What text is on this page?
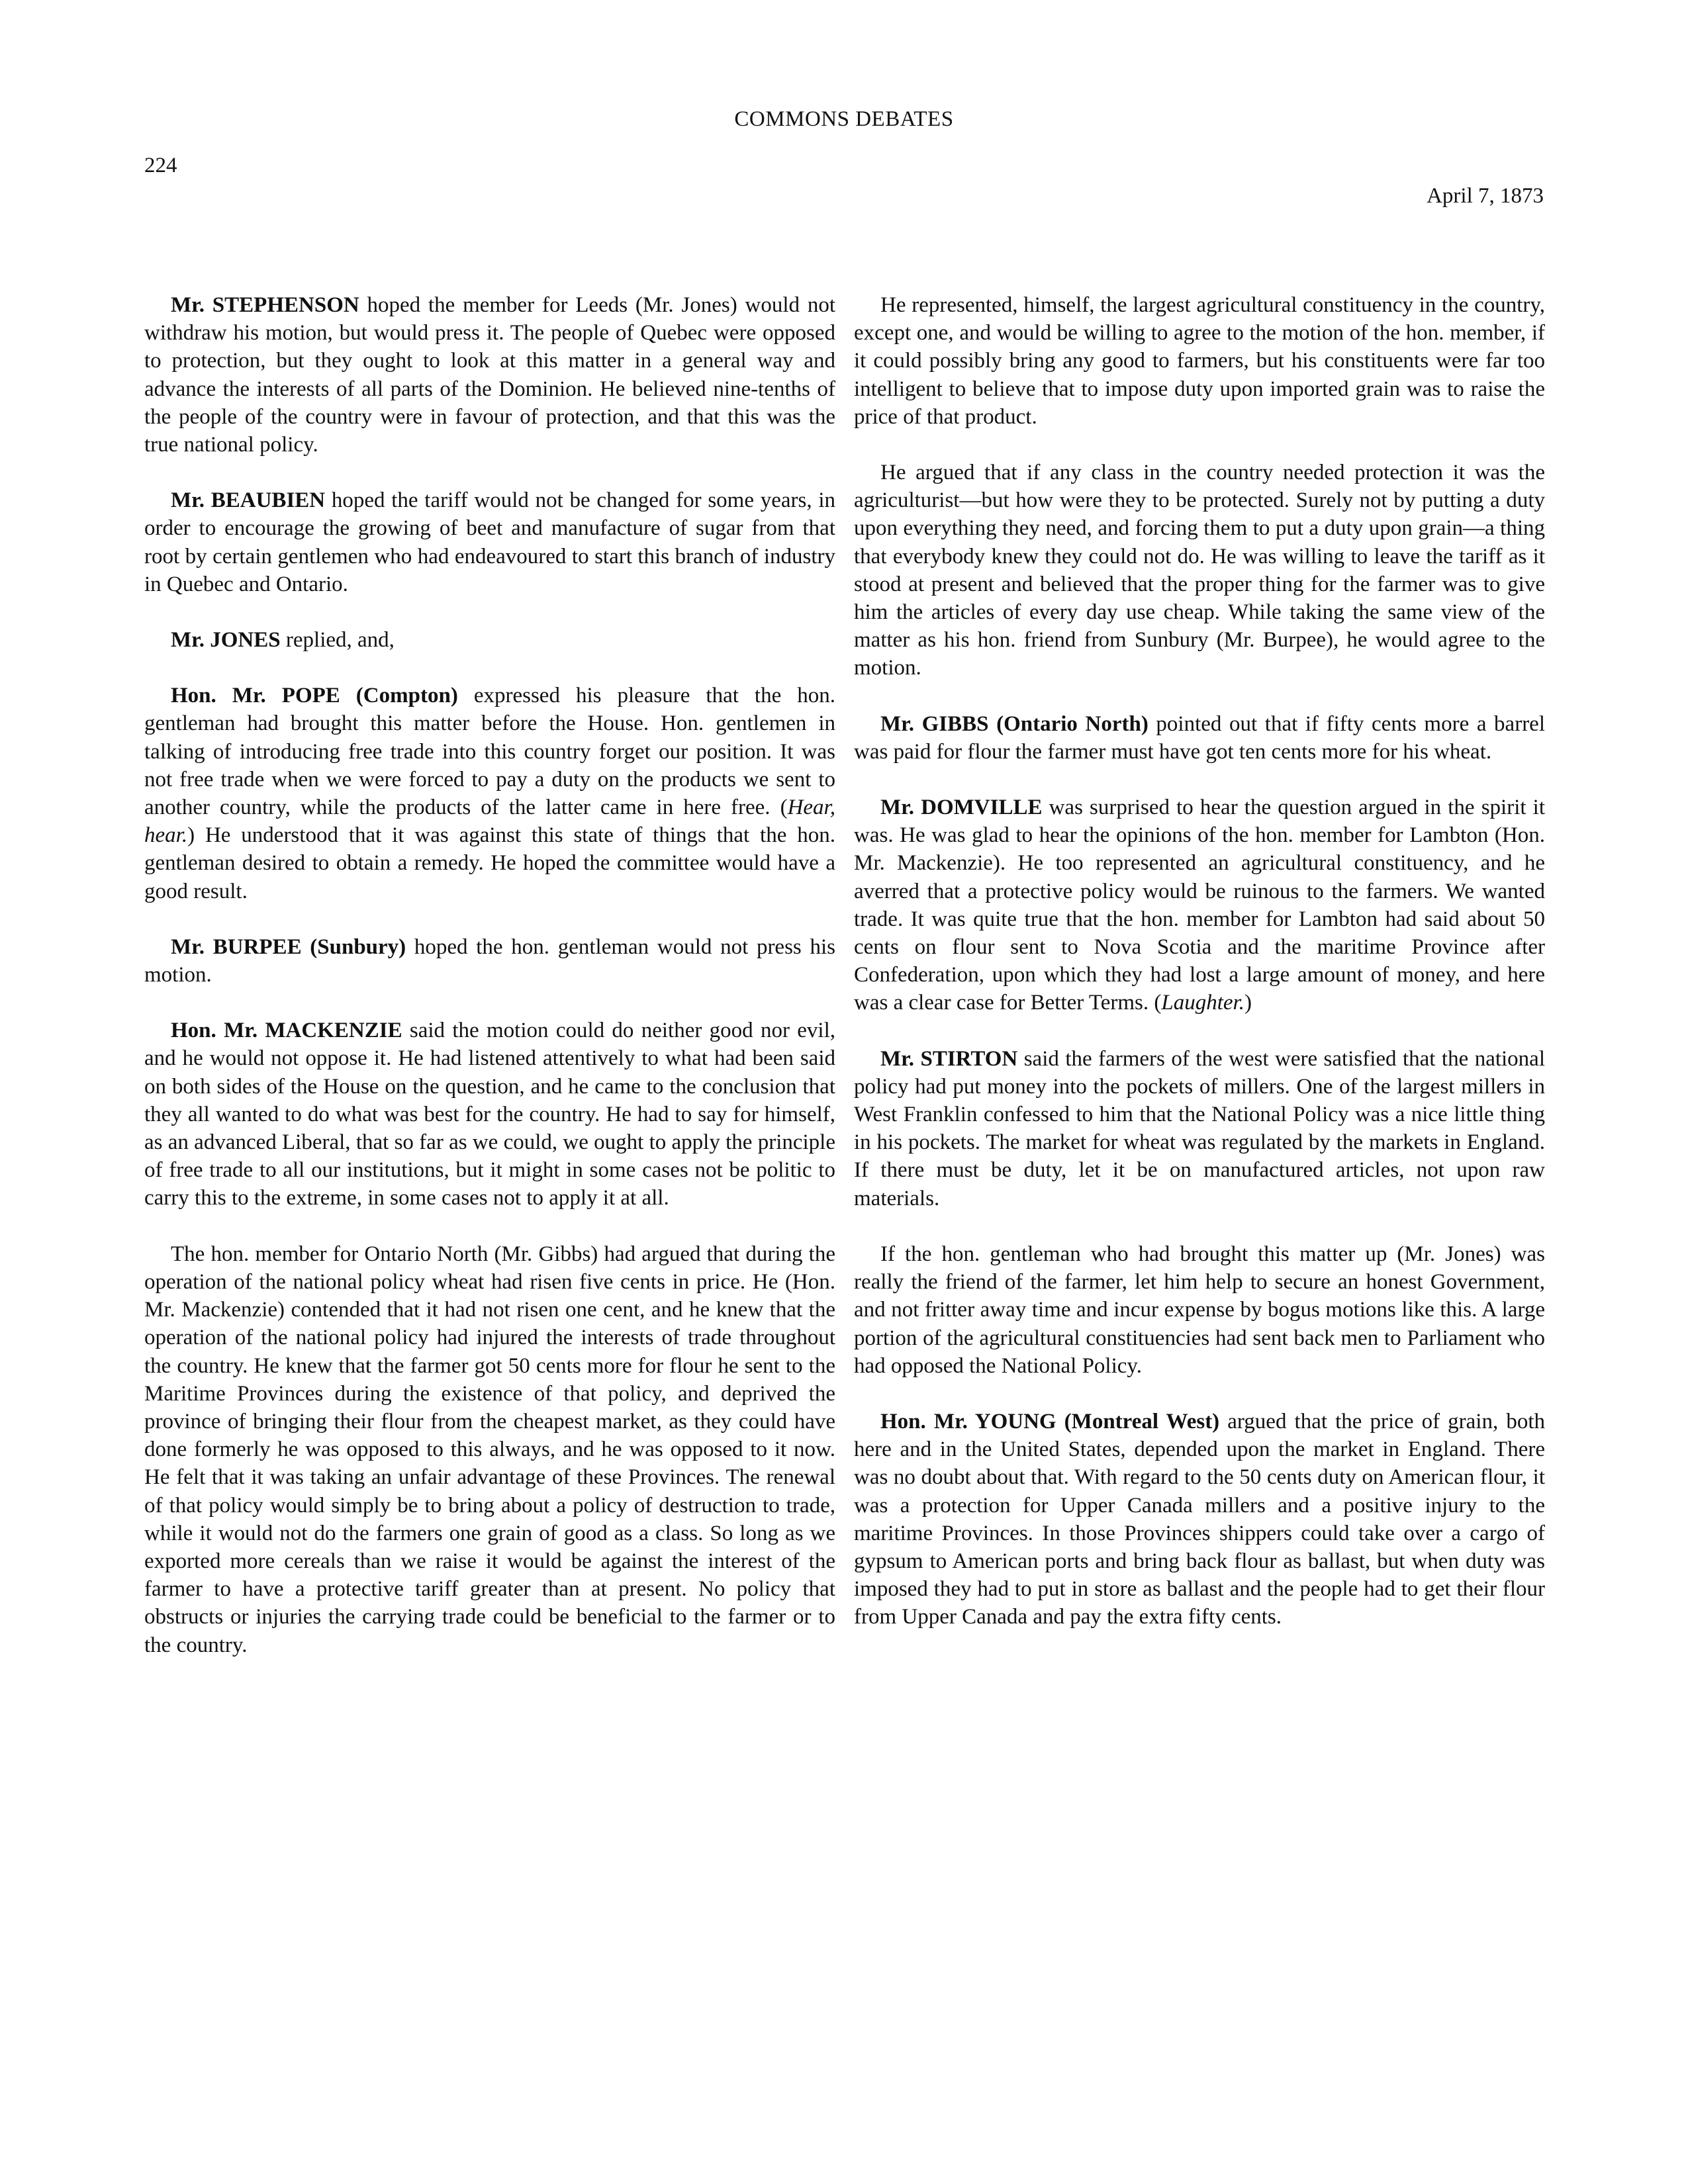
COMMONS DEBATES
224
April 7, 1873

Mr. STEPHENSON hoped the member for Leeds (Mr. Jones) would not withdraw his motion, but would press it. The people of Quebec were opposed to protection, but they ought to look at this matter in a general way and advance the interests of all parts of the Dominion. He believed nine-tenths of the people of the country were in favour of protection, and that this was the true national policy.

Mr. BEAUBIEN hoped the tariff would not be changed for some years, in order to encourage the growing of beet and manufacture of sugar from that root by certain gentlemen who had endeavoured to start this branch of industry in Quebec and Ontario.

Mr. JONES replied, and,

Hon. Mr. POPE (Compton) expressed his pleasure that the hon. gentleman had brought this matter before the House. Hon. gentlemen in talking of introducing free trade into this country forget our position. It was not free trade when we were forced to pay a duty on the products we sent to another country, while the products of the latter came in here free. (Hear, hear.) He understood that it was against this state of things that the hon. gentleman desired to obtain a remedy. He hoped the committee would have a good result.

Mr. BURPEE (Sunbury) hoped the hon. gentleman would not press his motion.

Hon. Mr. MACKENZIE said the motion could do neither good nor evil, and he would not oppose it. He had listened attentively to what had been said on both sides of the House on the question, and he came to the conclusion that they all wanted to do what was best for the country. He had to say for himself, as an advanced Liberal, that so far as we could, we ought to apply the principle of free trade to all our institutions, but it might in some cases not be politic to carry this to the extreme, in some cases not to apply it at all.

The hon. member for Ontario North (Mr. Gibbs) had argued that during the operation of the national policy wheat had risen five cents in price. He (Hon. Mr. Mackenzie) contended that it had not risen one cent, and he knew that the operation of the national policy had injured the interests of trade throughout the country. He knew that the farmer got 50 cents more for flour he sent to the Maritime Provinces during the existence of that policy, and deprived the province of bringing their flour from the cheapest market, as they could have done formerly he was opposed to this always, and he was opposed to it now. He felt that it was taking an unfair advantage of these Provinces. The renewal of that policy would simply be to bring about a policy of destruction to trade, while it would not do the farmers one grain of good as a class. So long as we exported more cereals than we raise it would be against the interest of the farmer to have a protective tariff greater than at present. No policy that obstructs or injuries the carrying trade could be beneficial to the farmer or to the country.

He represented, himself, the largest agricultural constituency in the country, except one, and would be willing to agree to the motion of the hon. member, if it could possibly bring any good to farmers, but his constituents were far too intelligent to believe that to impose duty upon imported grain was to raise the price of that product.

He argued that if any class in the country needed protection it was the agriculturist—but how were they to be protected. Surely not by putting a duty upon everything they need, and forcing them to put a duty upon grain—a thing that everybody knew they could not do. He was willing to leave the tariff as it stood at present and believed that the proper thing for the farmer was to give him the articles of every day use cheap. While taking the same view of the matter as his hon. friend from Sunbury (Mr. Burpee), he would agree to the motion.

Mr. GIBBS (Ontario North) pointed out that if fifty cents more a barrel was paid for flour the farmer must have got ten cents more for his wheat.

Mr. DOMVILLE was surprised to hear the question argued in the spirit it was. He was glad to hear the opinions of the hon. member for Lambton (Hon. Mr. Mackenzie). He too represented an agricultural constituency, and he averred that a protective policy would be ruinous to the farmers. We wanted trade. It was quite true that the hon. member for Lambton had said about 50 cents on flour sent to Nova Scotia and the maritime Province after Confederation, upon which they had lost a large amount of money, and here was a clear case for Better Terms. (Laughter.)

Mr. STIRTON said the farmers of the west were satisfied that the national policy had put money into the pockets of millers. One of the largest millers in West Franklin confessed to him that the National Policy was a nice little thing in his pockets. The market for wheat was regulated by the markets in England. If there must be duty, let it be on manufactured articles, not upon raw materials.

If the hon. gentleman who had brought this matter up (Mr. Jones) was really the friend of the farmer, let him help to secure an honest Government, and not fritter away time and incur expense by bogus motions like this. A large portion of the agricultural constituencies had sent back men to Parliament who had opposed the National Policy.

Hon. Mr. YOUNG (Montreal West) argued that the price of grain, both here and in the United States, depended upon the market in England. There was no doubt about that. With regard to the 50 cents duty on American flour, it was a protection for Upper Canada millers and a positive injury to the maritime Provinces. In those Provinces shippers could take over a cargo of gypsum to American ports and bring back flour as ballast, but when duty was imposed they had to put in store as ballast and the people had to get their flour from Upper Canada and pay the extra fifty cents.
